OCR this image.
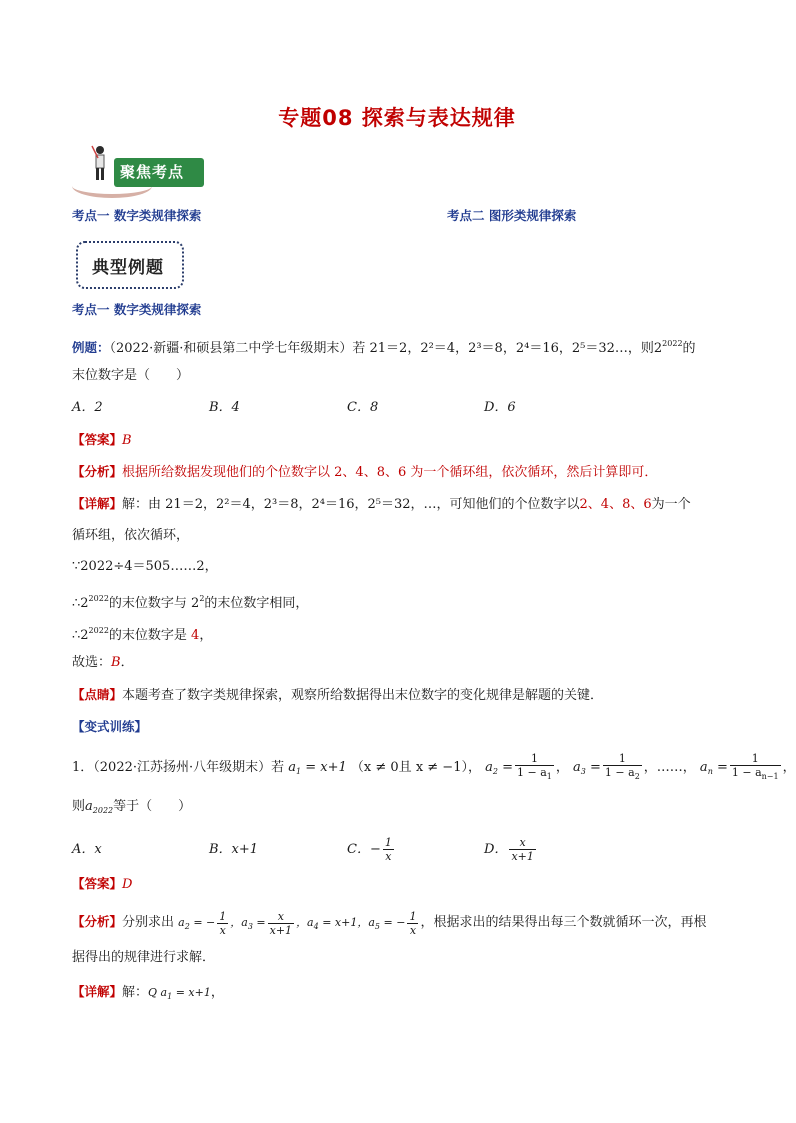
专题08 探索与表达规律
聚焦考点
考点一 数字类规律探索	考点二 图形类规律探索
典型例题
考点一 数字类规律探索
例题：（2022·新疆·和硕县第二中学七年级期末）若 21＝2，2²＝4，2³＝8，2⁴＝16，2⁵＝32…，则$2^{2022}$的
末位数字是（　　）
A．2	B．4	C．8	D．6
【答案】B
【分析】根据所给数据发现他们的个位数字以 2、4、8、6 为一个循环组，依次循环，然后计算即可．
【详解】解：由 21＝2，2²＝4，2³＝8，2⁴＝16，2⁵＝32，…，可知他们的个位数字以2、4、8、6为一个
循环组，依次循环，
∵2022÷4＝505……2，
$\therefore 2^{2022}$的末位数字与 $2^2$的末位数字相同，
$\therefore 2^{2022}$的末位数字是 4，
故选：B．
【点睛】本题考查了数字类规律探索，观察所给数据得出末位数字的变化规律是解题的关键．
【变式训练】
1．（2022·江苏扬州·八年级期末）若 $a_1 = x+1$ （x ≠ 0且 x ≠ −1）， $a_2 = \frac{1}{1 - a_1}$ ， $a_3 = \frac{1}{1 - a_2}$ ，……， $a_n = \frac{1}{1 - a_{n-1}}$ ，
则$a_{2022}$等于（　　）
A．x	B．x+1	C．− $\frac{1}{x}$	D． $\frac{x}{x+1}$
【答案】D
【分析】分别求出 $a_2$ = − $\frac{1}{x}$ ，$a_3 = \frac{x}{x+1}$ ，$a_4 = x+1$，$a_5$ = − $\frac{1}{x}$ ，根据求出的结果得出每三个数就循环一次，再根
据得出的规律进行求解．
【详解】解：Q $a_1 = x+1$，
